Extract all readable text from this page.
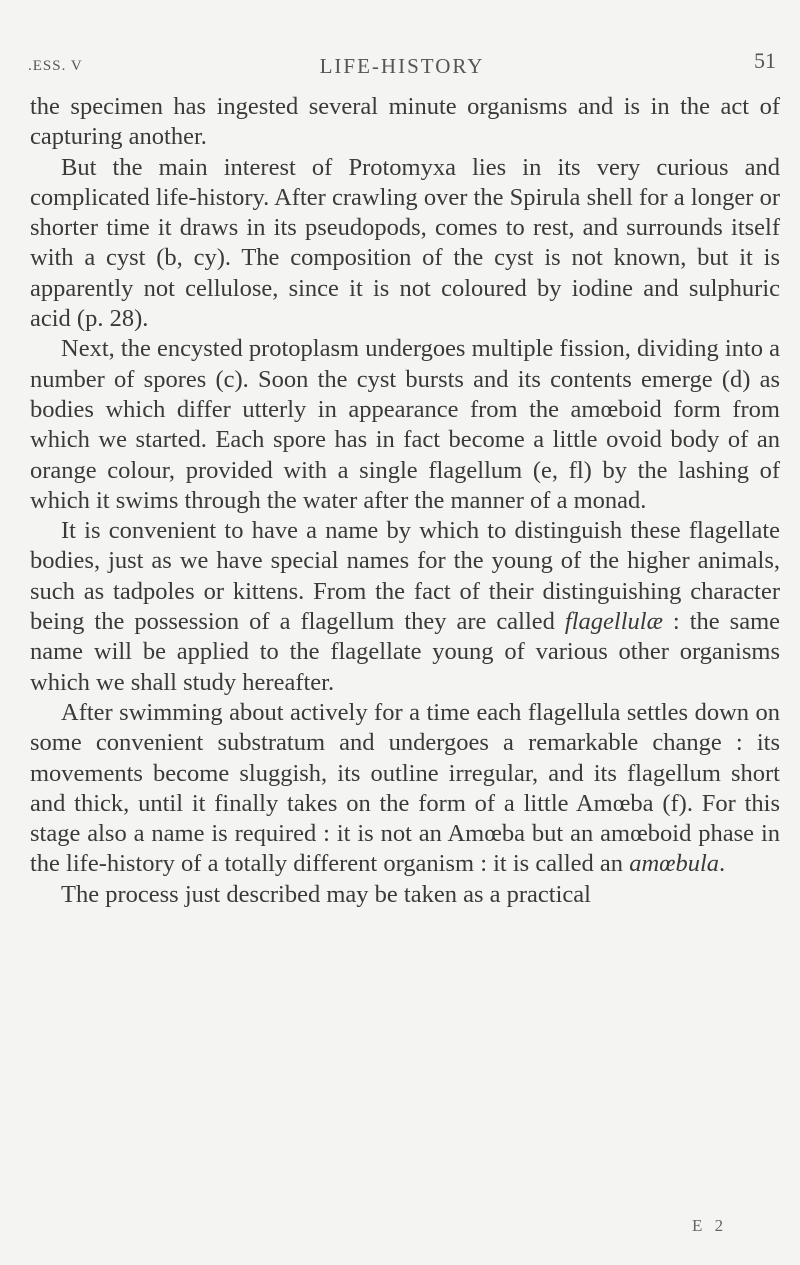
.ESS. V	LIFE-HISTORY	51

the specimen has ingested several minute organisms and is in the act of capturing another.

But the main interest of Protomyxa lies in its very curious and complicated life-history. After crawling over the Spirula shell for a longer or shorter time it draws in its pseudopods, comes to rest, and surrounds itself with a cyst (b, cy). The composition of the cyst is not known, but it is apparently not cellulose, since it is not coloured by iodine and sulphuric acid (p. 28).

Next, the encysted protoplasm undergoes multiple fission, dividing into a number of spores (c). Soon the cyst bursts and its contents emerge (d) as bodies which differ utterly in appearance from the amœboid form from which we started. Each spore has in fact become a little ovoid body of an orange colour, provided with a single flagellum (e, fl) by the lashing of which it swims through the water after the manner of a monad.

It is convenient to have a name by which to distinguish these flagellate bodies, just as we have special names for the young of the higher animals, such as tadpoles or kittens. From the fact of their distinguishing character being the possession of a flagellum they are called flagellulæ : the same name will be applied to the flagellate young of various other organisms which we shall study hereafter.

After swimming about actively for a time each flagellula settles down on some convenient substratum and undergoes a remarkable change : its movements become sluggish, its outline irregular, and its flagellum short and thick, until it finally takes on the form of a little Amœba (f). For this stage also a name is required : it is not an Amœba but an amœboid phase in the life-history of a totally different organism : it is called an amœbula.

The process just described may be taken as a practical

E 2
